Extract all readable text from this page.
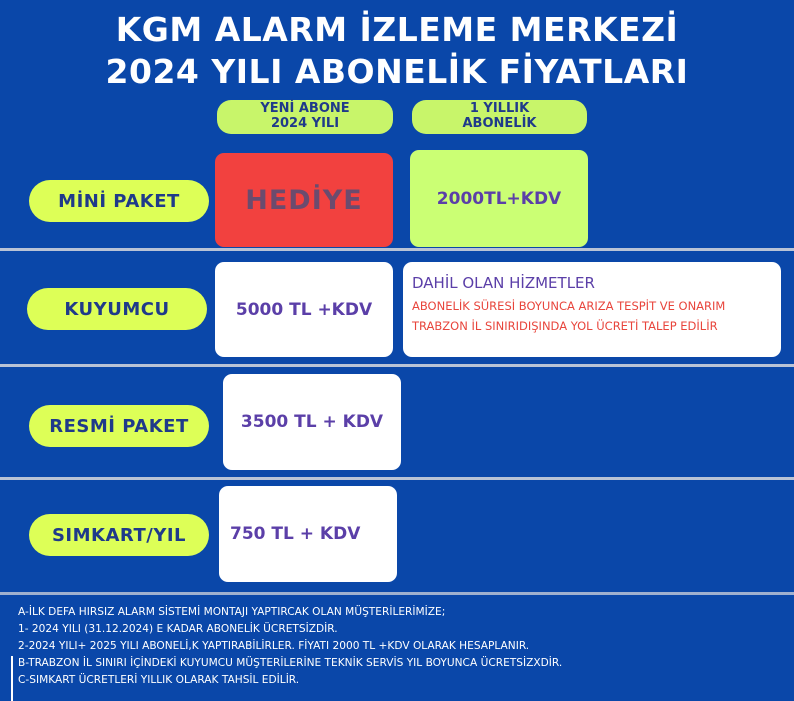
KGM ALARM İZLEME MERKEZİ
2024 YILI ABONELİK FİYATLARI
YENİ ABONE
2024 YILI
1 YILLIK
ABONELİK
MİNİ PAKET	HEDİYE	2000TL+KDV
KUYUMCU	5000 TL +KDV
DAHİL OLAN HİZMETLER
ABONELİK SÜRESİ BOYUNCA ARIZA TESPİT VE ONARIM
TRABZON İL SINIRIDIŞINDA YOL ÜCRETİ TALEP EDİLİR
RESMİ PAKET	3500 TL + KDV
SIMKART/YIL	750 TL + KDV
A-İLK DEFA HIRSIZ ALARM SİSTEMİ MONTAJI YAPTIRCAK OLAN MÜŞTERİLERİMİZE;
1- 2024 YILI (31.12.2024) E KADAR ABONELİK ÜCRETSİZDİR.
2-2024 YILI+ 2025 YILI ABONELİ,K YAPTIRABİLİRLER. FİYATI 2000 TL +KDV OLARAK HESAPLANIR.
B-TRABZON İL SINIRI İÇİNDEKİ KUYUMCU MÜŞTERİLERİNE TEKNİK SERVİS YIL BOYUNCA ÜCRETSİZXDİR.
C-SIMKART ÜCRETLERİ YILLIK OLARAK TAHSİL EDİLİR.
